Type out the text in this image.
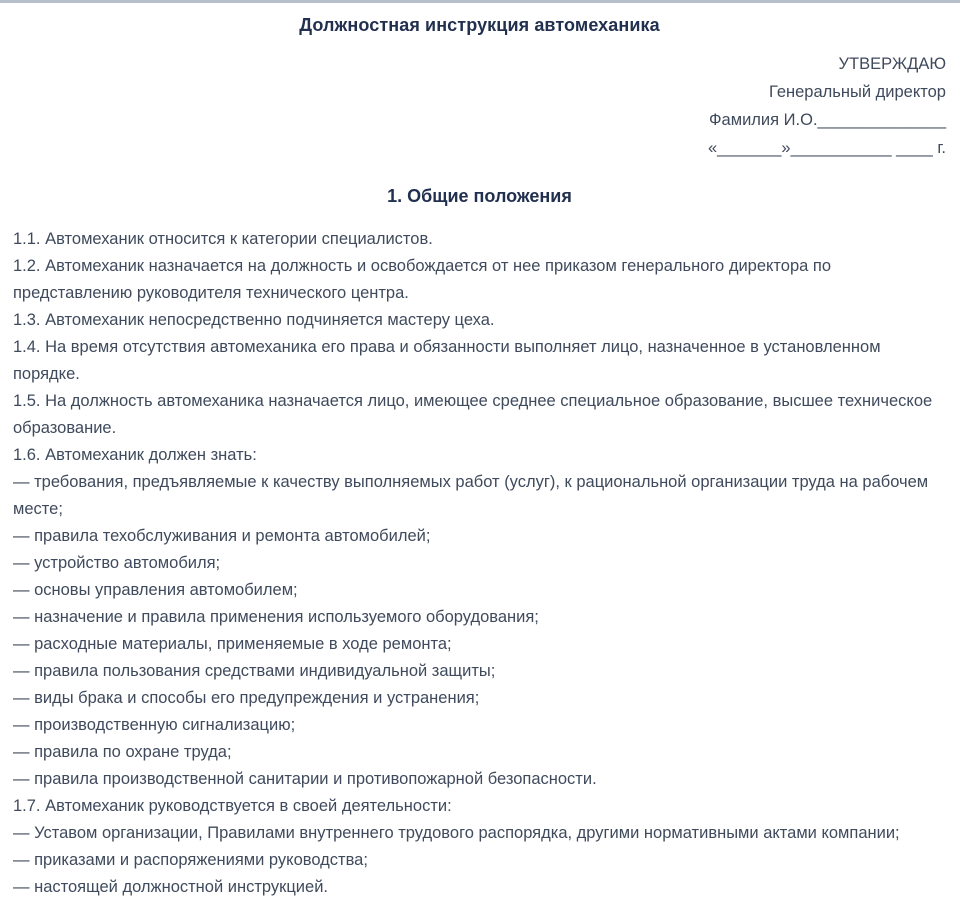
Должностная инструкция автомеханика
УТВЕРЖДАЮ
Генеральный директор
Фамилия И.О.______________
«_______»___________ ____ г.
1. Общие положения

1.1. Автомеханик относится к категории специалистов.

1.2. Автомеханик назначается на должность и освобождается от нее приказом генерального директора по представлению руководителя технического центра.

1.3. Автомеханик непосредственно подчиняется мастеру цеха.

1.4. На время отсутствия автомеханика его права и обязанности выполняет лицо, назначенное в установленном порядке.

1.5. На должность автомеханика назначается лицо, имеющее среднее специальное образование, высшее техническое образование.

1.6. Автомеханик должен знать:

— требования, предъявляемые к качеству выполняемых работ (услуг), к рациональной организации труда на рабочем месте;

— правила техобслуживания и ремонта автомобилей;

— устройство автомобиля;

— основы управления автомобилем;

— назначение и правила применения используемого оборудования;

— расходные материалы, применяемые в ходе ремонта;

— правила пользования средствами индивидуальной защиты;

— виды брака и способы его предупреждения и устранения;

— производственную сигнализацию;

— правила по охране труда;

— правила производственной санитарии и противопожарной безопасности.

1.7. Автомеханик руководствуется в своей деятельности:

— Уставом организации, Правилами внутреннего трудового распорядка, другими нормативными актами компании;

— приказами и распоряжениями руководства;

— настоящей должностной инструкцией.
